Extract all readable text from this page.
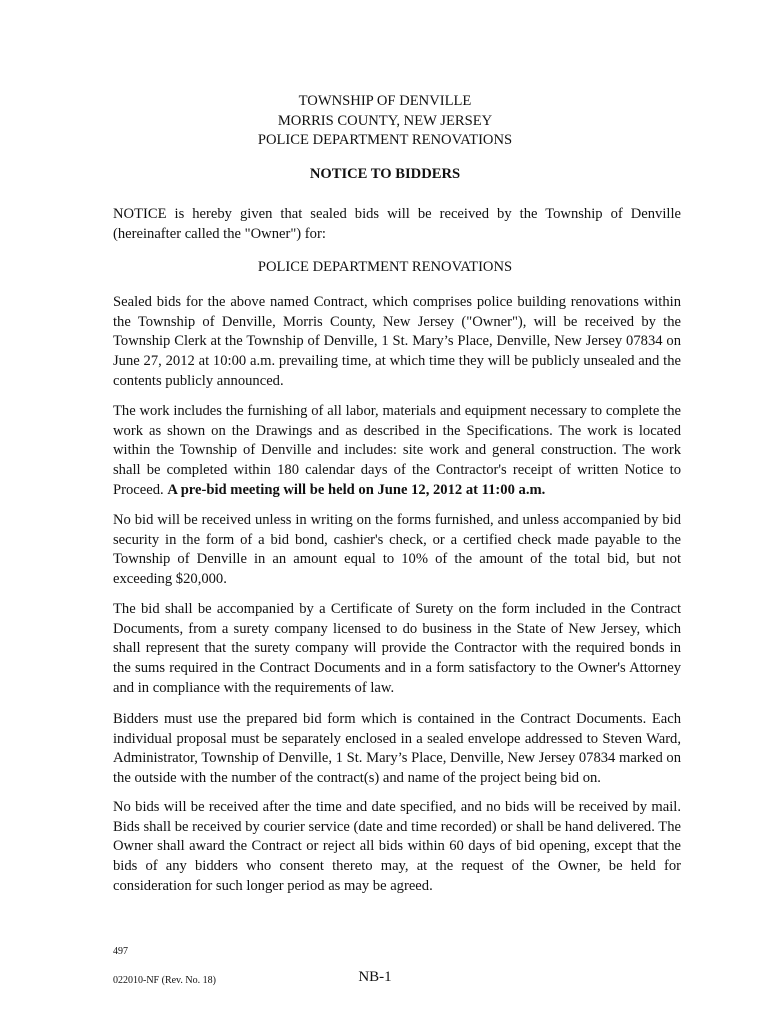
TOWNSHIP OF DENVILLE
MORRIS COUNTY, NEW JERSEY
POLICE DEPARTMENT RENOVATIONS
NOTICE TO BIDDERS

NOTICE is hereby given that sealed bids will be received by the Township of Denville (hereinafter called the "Owner") for:

POLICE DEPARTMENT RENOVATIONS

Sealed bids for the above named Contract, which comprises police building renovations within the Township of Denville, Morris County, New Jersey ("Owner"), will be received by the Township Clerk at the Township of Denville, 1 St. Mary’s Place, Denville, New Jersey 07834 on June 27, 2012 at 10:00 a.m. prevailing time, at which time they will be publicly unsealed and the contents publicly announced.

The work includes the furnishing of all labor, materials and equipment necessary to complete the work as shown on the Drawings and as described in the Specifications. The work is located within the Township of Denville and includes: site work and general construction. The work shall be completed within 180 calendar days of the Contractor's receipt of written Notice to Proceed. A pre-bid meeting will be held on June 12, 2012 at 11:00 a.m.

No bid will be received unless in writing on the forms furnished, and unless accompanied by bid security in the form of a bid bond, cashier's check, or a certified check made payable to the Township of Denville in an amount equal to 10% of the amount of the total bid, but not exceeding $20,000.

The bid shall be accompanied by a Certificate of Surety on the form included in the Contract Documents, from a surety company licensed to do business in the State of New Jersey, which shall represent that the surety company will provide the Contractor with the required bonds in the sums required in the Contract Documents and in a form satisfactory to the Owner's Attorney and in compliance with the requirements of law.

Bidders must use the prepared bid form which is contained in the Contract Documents. Each individual proposal must be separately enclosed in a sealed envelope addressed to Steven Ward, Administrator, Township of Denville, 1 St. Mary’s Place, Denville, New Jersey 07834 marked on the outside with the number of the contract(s) and name of the project being bid on.

No bids will be received after the time and date specified, and no bids will be received by mail. Bids shall be received by courier service (date and time recorded) or shall be hand delivered. The Owner shall award the Contract or reject all bids within 60 days of bid opening, except that the bids of any bidders who consent thereto may, at the request of the Owner, be held for consideration for such longer period as may be agreed.

497
022010-NF (Rev. No. 18)	NB-1
